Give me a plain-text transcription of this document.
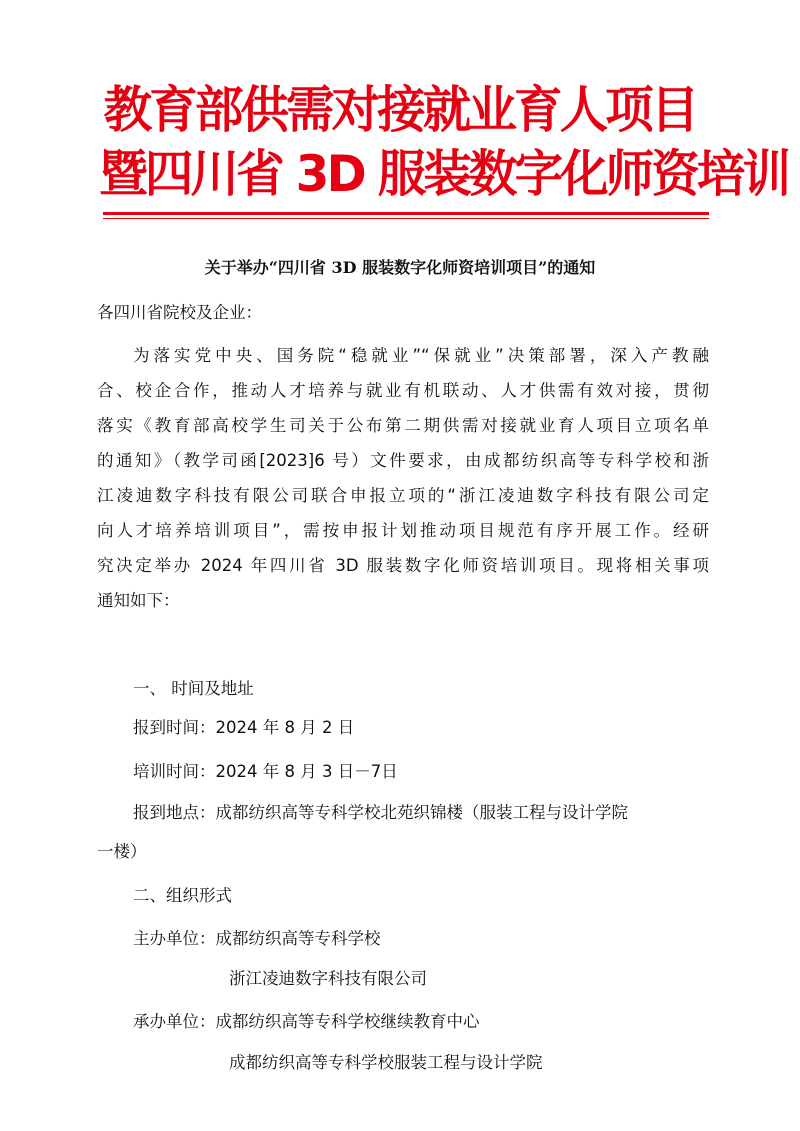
教育部供需对接就业育人项目
暨四川省 3D 服装数字化师资培训
关于举办“四川省 3D 服装数字化师资培训项目”的通知
各四川省院校及企业：
为落实党中央、国务院“稳就业”“保就业”决策部署，深入产教融
合、校企合作，推动人才培养与就业有机联动、人才供需有效对接，贯彻
落实《教育部高校学生司关于公布第二期供需对接就业育人项目立项名单
的通知》（教学司函[2023]6 号）文件要求，由成都纺织高等专科学校和浙
江凌迪数字科技有限公司联合申报立项的“浙江凌迪数字科技有限公司定
向人才培养培训项目”，需按申报计划推动项目规范有序开展工作。经研
究决定举办 2024 年四川省 3D 服装数字化师资培训项目。现将相关事项
通知如下：
一、 时间及地址
报到时间：2024 年 8 月 2 日
培训时间：2024 年 8 月 3 日－7日
报到地点：成都纺织高等专科学校北苑织锦楼（服装工程与设计学院
一楼）
二、组织形式
主办单位：成都纺织高等专科学校
浙江凌迪数字科技有限公司
承办单位：成都纺织高等专科学校继续教育中心
成都纺织高等专科学校服装工程与设计学院
